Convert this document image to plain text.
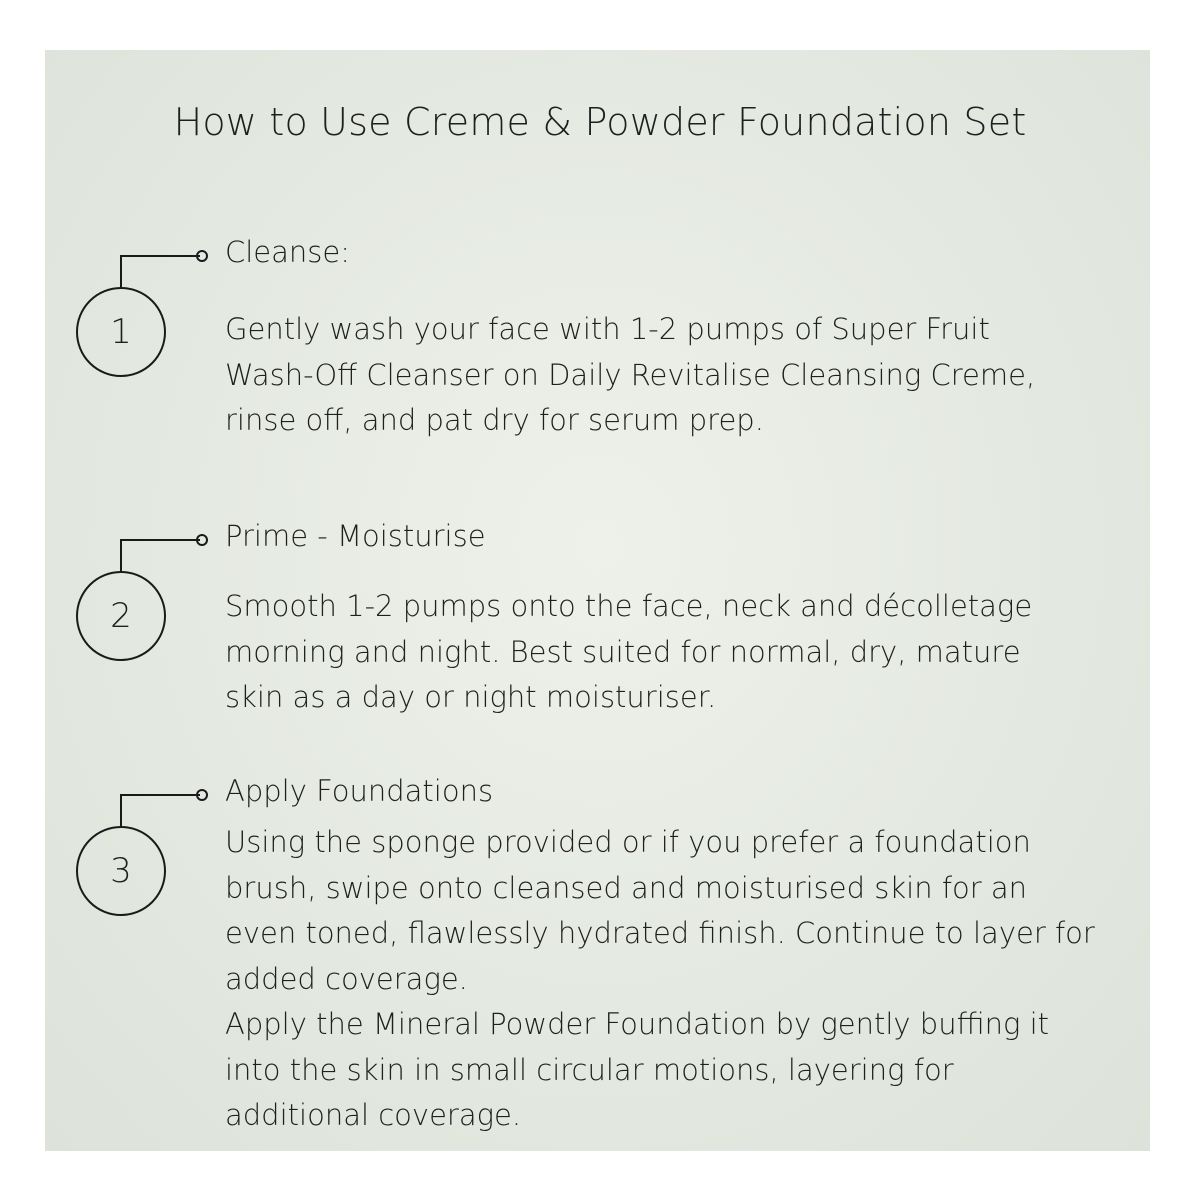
How to Use Creme & Powder Foundation Set
1
Cleanse:

Gently wash your face with 1-2 pumps of Super Fruit Wash-Off Cleanser on Daily Revitalise Cleansing Creme, rinse off, and pat dry for serum prep.

2
Prime - Moisturise

Smooth 1-2 pumps onto the face, neck and décolletage morning and night. Best suited for normal, dry, mature skin as a day or night moisturiser.

3
Apply Foundations

Using the sponge provided or if you prefer a foundation brush, swipe onto cleansed and moisturised skin for an even toned, flawlessly hydrated finish. Continue to layer for added coverage.

Apply the Mineral Powder Foundation by gently buffing it into the skin in small circular motions, layering for additional coverage.
